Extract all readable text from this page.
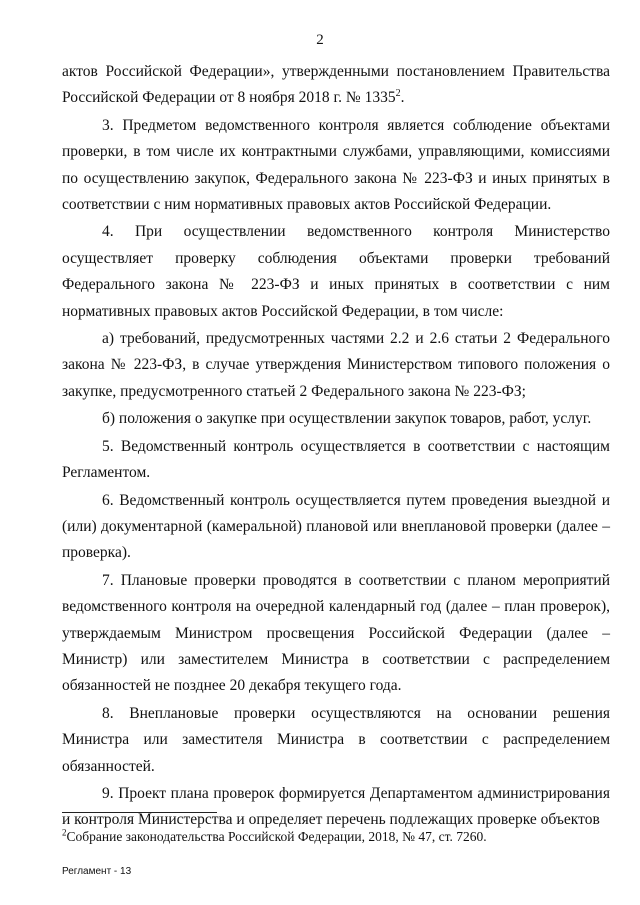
2

актов Российской Федерации», утвержденными постановлением Правительства Российской Федерации от 8 ноября 2018 г. № 1335$^2$.

3. Предметом ведомственного контроля является соблюдение объектами проверки, в том числе их контрактными службами, управляющими, комиссиями по осуществлению закупок, Федерального закона № 223-ФЗ и иных принятых в соответствии с ним нормативных правовых актов Российской Федерации.

4. При осуществлении ведомственного контроля Министерство осуществляет проверку соблюдения объектами проверки требований Федерального закона № 223-ФЗ и иных принятых в соответствии с ним нормативных правовых актов Российской Федерации, в том числе:

а) требований, предусмотренных частями 2.2 и 2.6 статьи 2 Федерального закона № 223-ФЗ, в случае утверждения Министерством типового положения о закупке, предусмотренного статьей 2 Федерального закона № 223-ФЗ;

б) положения о закупке при осуществлении закупок товаров, работ, услуг.

5. Ведомственный контроль осуществляется в соответствии с настоящим Регламентом.

6. Ведомственный контроль осуществляется путем проведения выездной и (или) документарной (камеральной) плановой или внеплановой проверки (далее – проверка).

7. Плановые проверки проводятся в соответствии с планом мероприятий ведомственного контроля на очередной календарный год (далее – план проверок), утверждаемым Министром просвещения Российской Федерации (далее – Министр) или заместителем Министра в соответствии с распределением обязанностей не позднее 20 декабря текущего года.

8. Внеплановые проверки осуществляются на основании решения Министра или заместителя Министра в соответствии с распределением обязанностей.

9. Проект плана проверок формируется Департаментом администрирования и контроля Министерства и определяет перечень подлежащих проверке объектов

$^2$Собрание законодательства Российской Федерации, 2018, № 47, ст. 7260.
Регламент - 13
